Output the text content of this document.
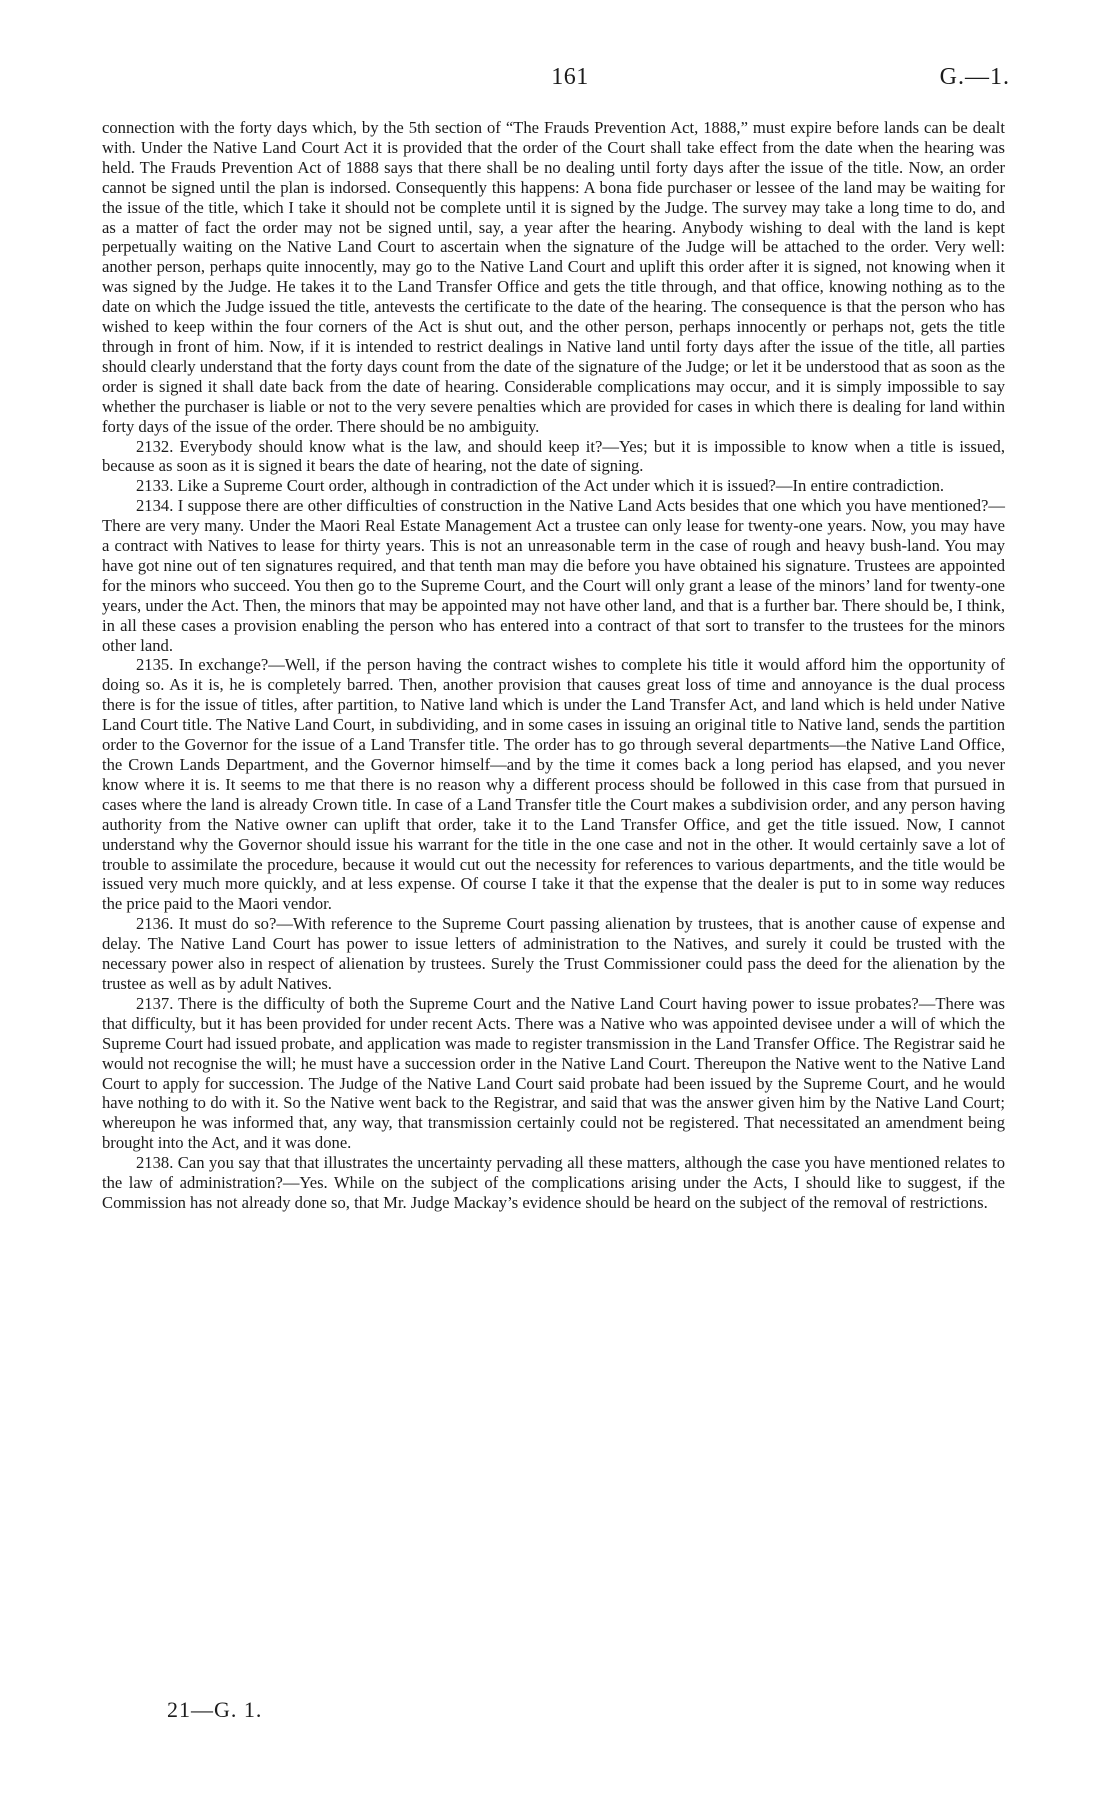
161	G.—1.

connection with the forty days which, by the 5th section of “The Frauds Prevention Act, 1888,” must expire before lands can be dealt with. Under the Native Land Court Act it is provided that the order of the Court shall take effect from the date when the hearing was held. The Frauds Prevention Act of 1888 says that there shall be no dealing until forty days after the issue of the title. Now, an order cannot be signed until the plan is indorsed. Consequently this happens: A bona fide purchaser or lessee of the land may be waiting for the issue of the title, which I take it should not be complete until it is signed by the Judge. The survey may take a long time to do, and as a matter of fact the order may not be signed until, say, a year after the hearing. Anybody wishing to deal with the land is kept perpetually waiting on the Native Land Court to ascertain when the signature of the Judge will be attached to the order. Very well: another person, perhaps quite innocently, may go to the Native Land Court and uplift this order after it is signed, not knowing when it was signed by the Judge. He takes it to the Land Transfer Office and gets the title through, and that office, knowing nothing as to the date on which the Judge issued the title, antevests the certificate to the date of the hearing. The consequence is that the person who has wished to keep within the four corners of the Act is shut out, and the other person, perhaps innocently or perhaps not, gets the title through in front of him. Now, if it is intended to restrict dealings in Native land until forty days after the issue of the title, all parties should clearly understand that the forty days count from the date of the signature of the Judge; or let it be understood that as soon as the order is signed it shall date back from the date of hearing. Considerable complications may occur, and it is simply impossible to say whether the purchaser is liable or not to the very severe penalties which are provided for cases in which there is dealing for land within forty days of the issue of the order. There should be no ambiguity.

2132. Everybody should know what is the law, and should keep it?—Yes; but it is impossible to know when a title is issued, because as soon as it is signed it bears the date of hearing, not the date of signing.

2133. Like a Supreme Court order, although in contradiction of the Act under which it is issued?—In entire contradiction.

2134. I suppose there are other difficulties of construction in the Native Land Acts besides that one which you have mentioned?—There are very many. Under the Maori Real Estate Management Act a trustee can only lease for twenty-one years. Now, you may have a contract with Natives to lease for thirty years. This is not an unreasonable term in the case of rough and heavy bush-land. You may have got nine out of ten signatures required, and that tenth man may die before you have obtained his signature. Trustees are appointed for the minors who succeed. You then go to the Supreme Court, and the Court will only grant a lease of the minors’ land for twenty-one years, under the Act. Then, the minors that may be appointed may not have other land, and that is a further bar. There should be, I think, in all these cases a provision enabling the person who has entered into a contract of that sort to transfer to the trustees for the minors other land.

2135. In exchange?—Well, if the person having the contract wishes to complete his title it would afford him the opportunity of doing so. As it is, he is completely barred. Then, another provision that causes great loss of time and annoyance is the dual process there is for the issue of titles, after partition, to Native land which is under the Land Transfer Act, and land which is held under Native Land Court title. The Native Land Court, in subdividing, and in some cases in issuing an original title to Native land, sends the partition order to the Governor for the issue of a Land Transfer title. The order has to go through several departments—the Native Land Office, the Crown Lands Department, and the Governor himself—and by the time it comes back a long period has elapsed, and you never know where it is. It seems to me that there is no reason why a different process should be followed in this case from that pursued in cases where the land is already Crown title. In case of a Land Transfer title the Court makes a subdivision order, and any person having authority from the Native owner can uplift that order, take it to the Land Transfer Office, and get the title issued. Now, I cannot understand why the Governor should issue his warrant for the title in the one case and not in the other. It would certainly save a lot of trouble to assimilate the procedure, because it would cut out the necessity for references to various departments, and the title would be issued very much more quickly, and at less expense. Of course I take it that the expense that the dealer is put to in some way reduces the price paid to the Maori vendor.

2136. It must do so?—With reference to the Supreme Court passing alienation by trustees, that is another cause of expense and delay. The Native Land Court has power to issue letters of administration to the Natives, and surely it could be trusted with the necessary power also in respect of alienation by trustees. Surely the Trust Commissioner could pass the deed for the alienation by the trustee as well as by adult Natives.

2137. There is the difficulty of both the Supreme Court and the Native Land Court having power to issue probates?—There was that difficulty, but it has been provided for under recent Acts. There was a Native who was appointed devisee under a will of which the Supreme Court had issued probate, and application was made to register transmission in the Land Transfer Office. The Registrar said he would not recognise the will; he must have a succession order in the Native Land Court. Thereupon the Native went to the Native Land Court to apply for succession. The Judge of the Native Land Court said probate had been issued by the Supreme Court, and he would have nothing to do with it. So the Native went back to the Registrar, and said that was the answer given him by the Native Land Court; whereupon he was informed that, any way, that transmission certainly could not be registered. That necessitated an amendment being brought into the Act, and it was done.

2138. Can you say that that illustrates the uncertainty pervading all these matters, although the case you have mentioned relates to the law of administration?—Yes. While on the subject of the complications arising under the Acts, I should like to suggest, if the Commission has not already done so, that Mr. Judge Mackay’s evidence should be heard on the subject of the removal of restrictions.

21—G. 1.
